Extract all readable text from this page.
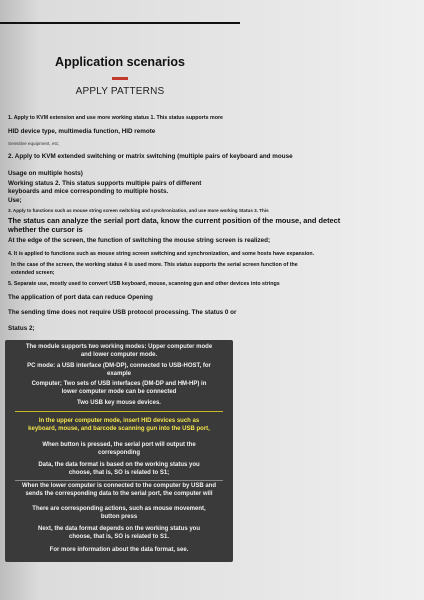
Application scenarios
APPLY PATTERNS
1. Apply to KVM extension and use more working status 1. This status supports more
HID device type, multimedia function, HID remote
Sensitive equipment, etc;
2. Apply to KVM extended switching or matrix switching (multiple pairs of keyboard and mouse
Usage on multiple hosts)
Working status 2. This status supports multiple pairs of different
keyboards and mice corresponding to multiple hosts.
Use;
3. Apply to functions such as mouse string screen switching and synchronization, and use more working Status 3. This
The status can analyze the serial port data, know the current position of the mouse, and detect
whether the cursor is
At the edge of the screen, the function of switching the mouse string screen is realized;
4. It is applied to functions such as mouse string screen switching and synchronization, and some hosts have expansion.
In the case of the screen, the working status 4 is used more. This status supports the serial screen function of the
extended screen;
5. Separate use, mostly used to convert USB keyboard, mouse, scanning gun and other devices into strings
The application of port data can reduce Opening
The sending time does not require USB protocol processing. The status 0 or
Status 2;
The module supports two working modes: Upper computer mode
and lower computer mode.
PC mode: a USB interface (DM-DP), connected to USB-HOST, for
example
Computer; Two sets of USB interfaces (DM-DP and HM-HP) in
lower computer mode can be connected
Two USB key mouse devices.
In the upper computer mode, insert HID devices such as
keyboard, mouse, and barcode scanning gun into the USB port,
When button is pressed, the serial port will output the
corresponding
Data, the data format is based on the working status you
choose, that is, SO is related to S1;
When the lower computer is connected to the computer by USB and
sends the corresponding data to the serial port, the computer will
There are corresponding actions, such as mouse movement,
button press
Next, the data format depends on the working status you
choose, that is, SO is related to S1.
For more information about the data format, see.
